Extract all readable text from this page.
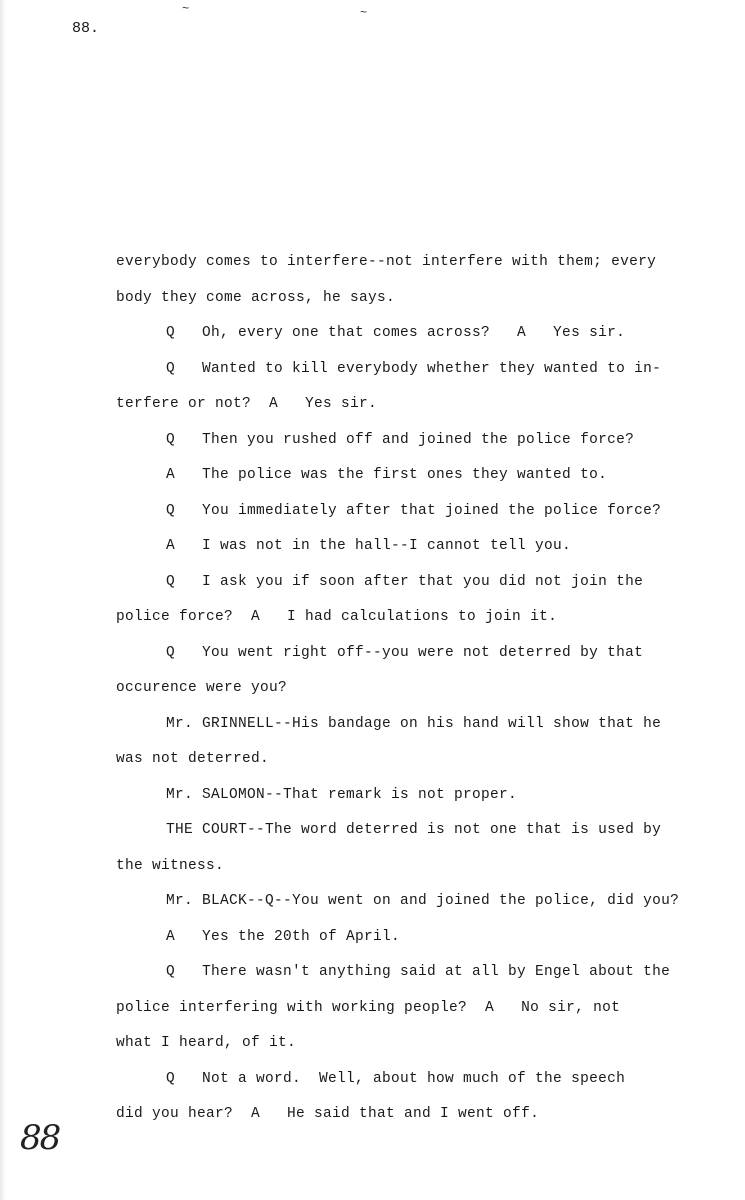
88.
~	~
everybody comes to interfere--not interfere with them; every
body they come across, he says.
Q   Oh, every one that comes across?   A   Yes sir.
Q   Wanted to kill everybody whether they wanted to in-
terfere or not?  A   Yes sir.
Q   Then you rushed off and joined the police force?
A   The police was the first ones they wanted to.
Q   You immediately after that joined the police force?
A   I was not in the hall--I cannot tell you.
Q   I ask you if soon after that you did not join the
police force?  A   I had calculations to join it.
Q   You went right off--you were not deterred by that
occurence were you?
Mr. GRINNELL--His bandage on his hand will show that he
was not deterred.
Mr. SALOMON--That remark is not proper.
THE COURT--The word deterred is not one that is used by
the witness.
Mr. BLACK--Q--You went on and joined the police, did you?
A   Yes the 20th of April.
Q   There wasn't anything said at all by Engel about the
police interfering with working people?  A   No sir, not
what I heard, of it.
Q   Not a word.  Well, about how much of the speech
did you hear?  A   He said that and I went off.
88
